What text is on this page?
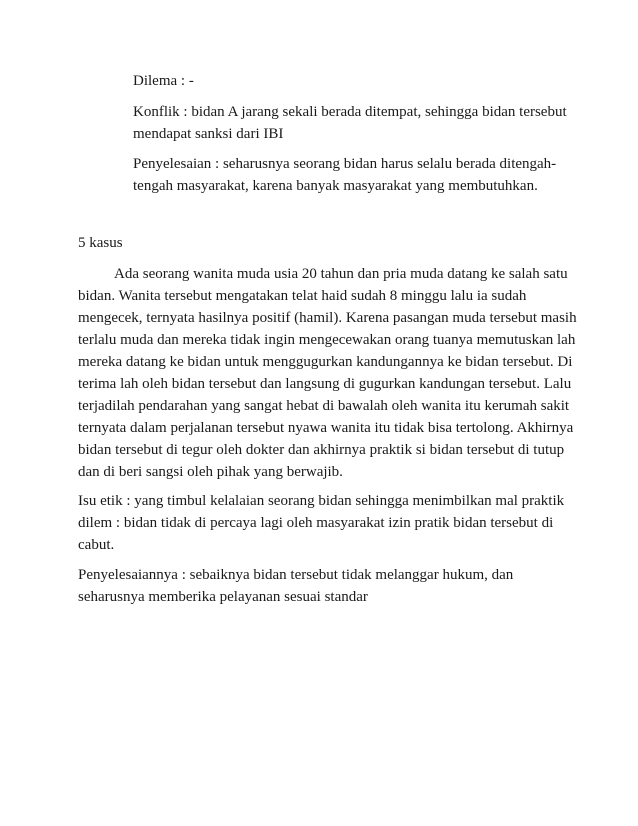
Dilema : -
Konflik : bidan A jarang sekali berada ditempat, sehingga bidan tersebut
mendapat sanksi dari IBI
Penyelesaian : seharusnya seorang bidan harus selalu berada ditengah-
tengah masyarakat, karena banyak masyarakat yang membutuhkan.
5 kasus
Ada seorang wanita muda usia 20 tahun dan pria muda datang ke salah satu
bidan. Wanita tersebut mengatakan telat haid sudah 8 minggu lalu ia sudah
mengecek, ternyata hasilnya positif (hamil). Karena pasangan muda tersebut masih
terlalu muda dan mereka tidak ingin mengecewakan orang tuanya memutuskan lah
mereka datang ke bidan untuk menggugurkan kandungannya ke bidan tersebut. Di
terima lah oleh bidan tersebut dan langsung di gugurkan kandungan tersebut. Lalu
terjadilah pendarahan yang sangat hebat di bawalah oleh wanita itu kerumah sakit
ternyata dalam perjalanan tersebut nyawa wanita itu tidak bisa tertolong. Akhirnya
bidan tersebut di tegur oleh dokter dan akhirnya praktik si bidan tersebut di tutup
dan di beri sangsi oleh pihak yang berwajib.
Isu etik : yang timbul kelalaian seorang bidan sehingga menimbilkan mal praktik
dilem : bidan tidak di percaya lagi oleh masyarakat izin pratik bidan tersebut di
cabut.
Penyelesaiannya : sebaiknya bidan tersebut tidak melanggar hukum, dan
seharusnya memberika pelayanan sesuai standar
